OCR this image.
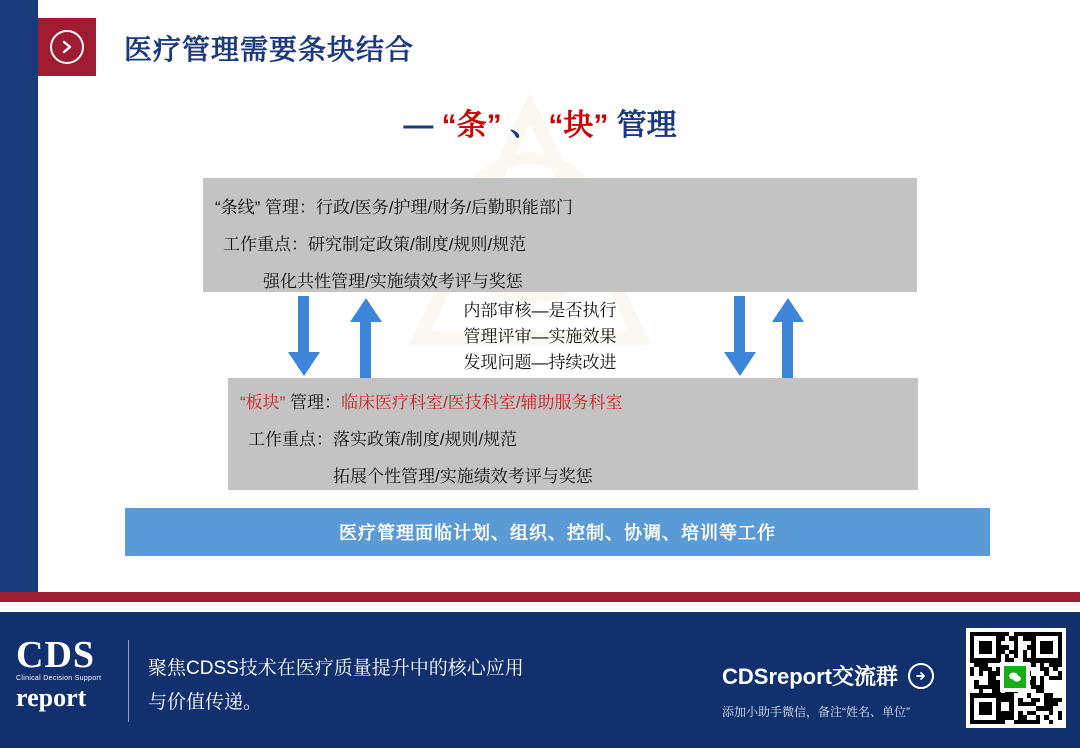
医疗管理需要条块结合
— “条” 、 “块” 管理
“条线” 管理：行政/医务/护理/财务/后勤职能部门
工作重点：研究制定政策/制度/规则/规范
强化共性管理/实施绩效考评与奖惩
内部审核—是否执行
管理评审—实施效果
发现问题—持续改进
“板块” 管理：临床医疗科室/医技科室/辅助服务科室
工作重点：落实政策/制度/规则/规范
拓展个性管理/实施绩效考评与奖惩
医疗管理面临计划、组织、控制、协调、培训等工作
CDS
Clinical Decision Support
report
聚焦CDSS技术在医疗质量提升中的核心应用
与价值传递。
CDSreport交流群
添加小助手微信，备注“姓名、单位”
